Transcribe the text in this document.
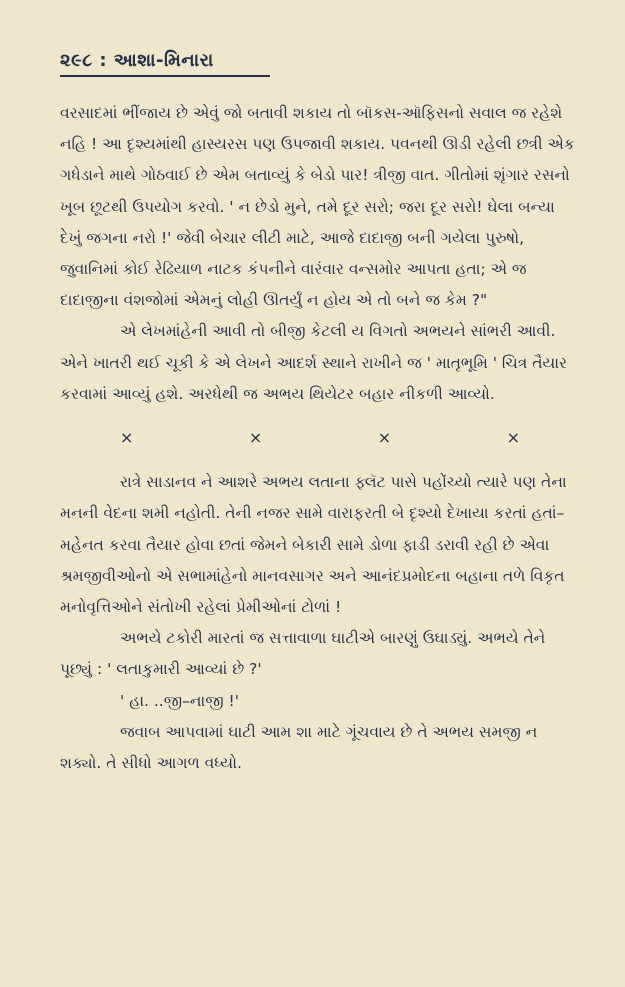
૨૯૮ : આશા-મિનારા

વરસાદમાં ભીંજાય છે એવું જો બતાવી શકાય તો બૉકસ-ઑફિસનો સવાલ જ રહેશે નહિ ! આ દૃશ્યમાંથી હાસ્યરસ પણ ઉપજાવી શકાય. પવનથી ઊડી રહેલી છત્રી એક ગધેડાને માથે ગોઠવાઈ છે એમ બતાવ્યું કે બેડો પાર! ત્રીજી વાત. ગીતોમાં શૃંગાર રસનો ખૂબ છૂટથી ઉપયોગ કરવો. ' ન છેડો મુને, તમે દૂર સરો; જરા દૂર સરો! ઘેલા બન્યા દેખું જગના નરો !' જેવી બેચાર લીટી માટે, આજે દાદાજી બની ગયેલા પુરુષો, જુવાનિમાં કોઈ રેઢિયાળ નાટક કંપનીને વારંવાર વન્સમોર આપતા હતા; એ જ દાદાજીના વંશજોમાં એમનું લોહી ઊતર્યું ન હોય એ તો બને જ કેમ ?"

એ લેખમાંહેની આવી તો બીજી કેટલી ય વિગતો અભયને સાંભરી આવી. એને ખાતરી થઈ ચૂકી કે એ લેખને આદર્શ સ્થાને રાખીને જ ' માતૃભૂમિ ' ચિત્ર તૈયાર કરવામાં આવ્યું હશે. અરધેથી જ અભય થિયેટર બહાર નીકળી આવ્યો.

×	×	×	×

રાત્રે સાડાનવ ને આશરે અભય લતાના ફ્લૅટ પાસે પહોંચ્યો ત્યારે પણ તેના મનની વેદના શમી નહોતી. તેની નજર સામે વારાફરતી બે દૃશ્યો દેખાયા કરતાં હતાં–મહેનત કરવા તૈયાર હોવા છતાં જેમને બેકારી સામે ડોળા ફાડી ડરાવી રહી છે એવા શ્રમજીવીઓનો એ સભામાંહેનો માનવસાગર અને આનંદપ્રમોદના બહાના તળે વિકૃત મનોવૃત્તિઓને સંતોખી રહેલાં પ્રેમીઓનાં ટોળાં !

અભયે ટકોરી મારતાં જ સત્તાવાળા ઘાટીએ બારણું ઉઘાડ્યું. અભયે તેને પૂછ્યું : ' લતાકુમારી આવ્યાં છે ?'

' હા. ..જી–નાજી !'

જવાબ આપવામાં ઘાટી આમ શા માટે ગૂંચવાય છે તે અભય સમજી ન શક્યો. તે સીધો આગળ વધ્યો.
